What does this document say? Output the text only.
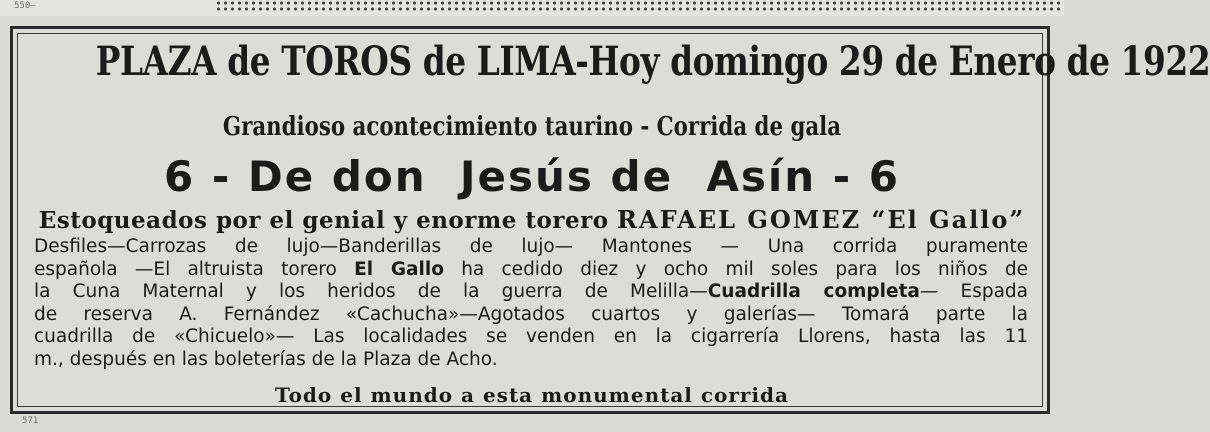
550—
PLAZA de TOROS de LIMA-Hoy domingo 29 de Enero de 1922
Grandioso acontecimiento taurino - Corrida de gala
6 - De don  Jesús de  Asín - 6
Estoqueados por el genial y enorme torero RAFAEL GOMEZ “El Gallo”
Desfiles—Carrozas de lujo—Banderillas de lujo— Mantones — Una corrida puramente
española —El altruista torero El Gallo ha cedido diez y ocho mil soles para los niños de
la Cuna Maternal y los heridos de la guerra de Melilla—Cuadrilla completa— Espada
de reserva A. Fernández «Cachucha»—Agotados cuartos y galerías— Tomará parte la
cuadrilla de «Chicuelo»— Las localidades se venden en la cigarrería Llorens, hasta las 11
m., después en las boleterías de la Plaza de Acho.
Todo el mundo a esta monumental corrida
571
